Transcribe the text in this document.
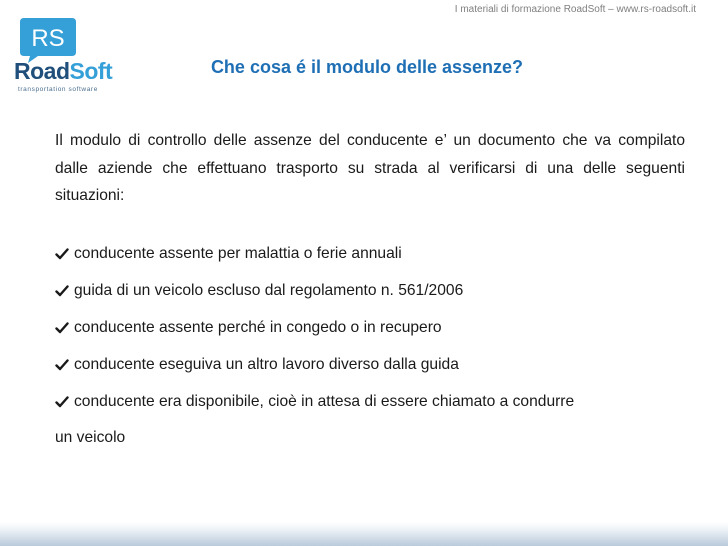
I materiali di formazione RoadSoft – www.rs-roadsoft.it
RS
RoadSoft
transportation software
Che cosa é il modulo delle assenze?

Il modulo di controllo delle assenze del conducente e’ un documento che va compilato dalle aziende che effettuano trasporto su strada al verificarsi di una delle seguenti situazioni:

conducente assente per malattia o ferie annuali
guida di un veicolo escluso dal regolamento n. 561/2006
conducente assente perché in congedo o in recupero
conducente eseguiva un altro lavoro diverso dalla guida
conducente era disponibile, cioè in attesa di essere chiamato a condurre
un veicolo
